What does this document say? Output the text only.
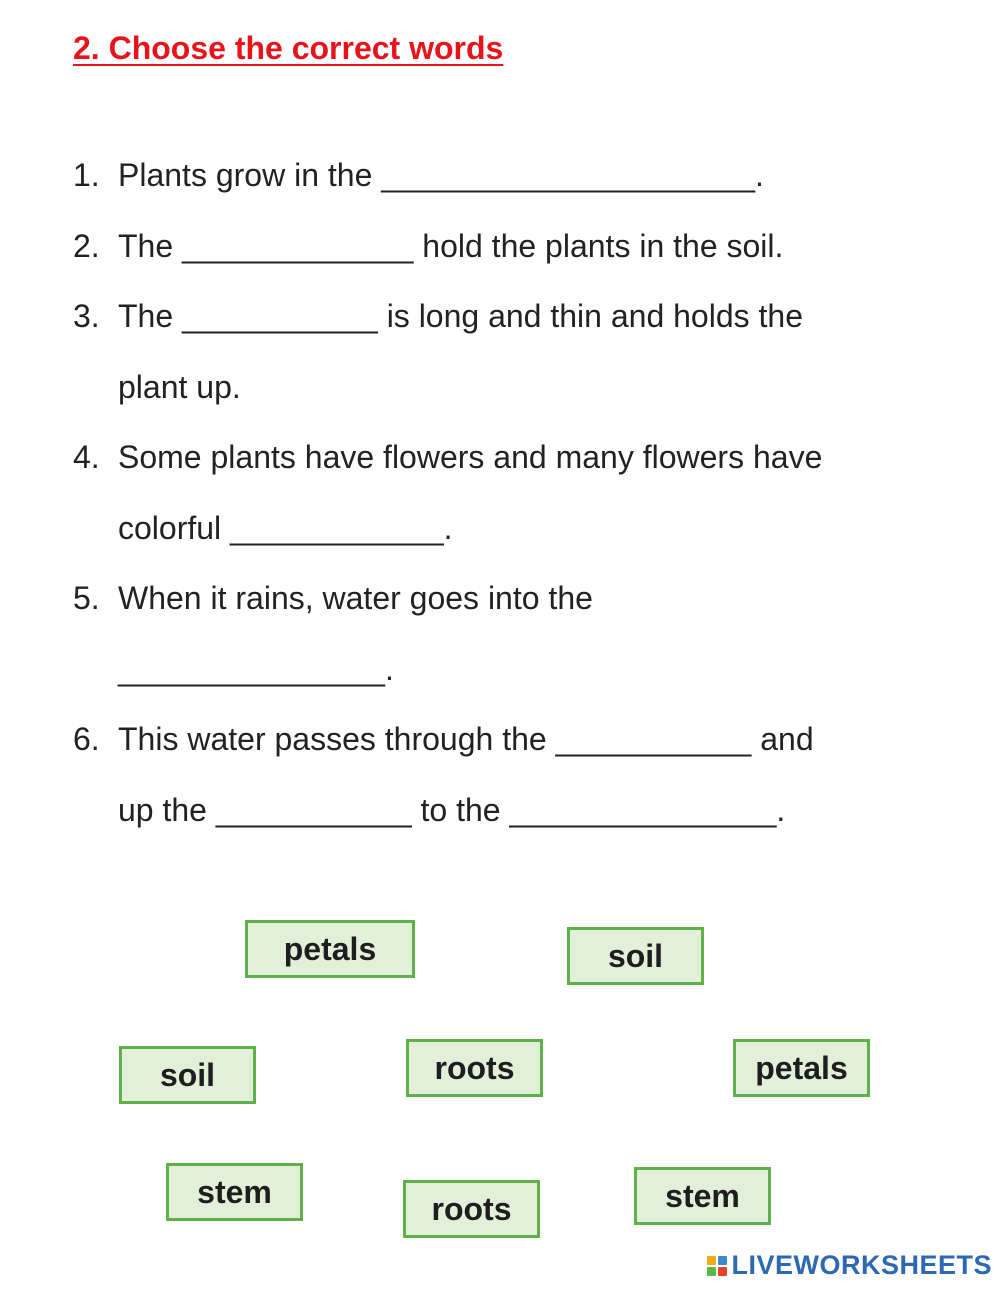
2. Choose the correct words
1. Plants grow in the _____________________.
2. The _____________ hold the plants in the soil.
3. The ___________ is long and thin and holds the
plant up.
4. Some plants have flowers and many flowers have
colorful ____________.
5. When it rains, water goes into the
_______________.
6. This water passes through the ___________ and
up the ___________ to the _______________.
petals	soil
soil	roots	petals
stem	roots	stem
LIVEWORKSHEETS
